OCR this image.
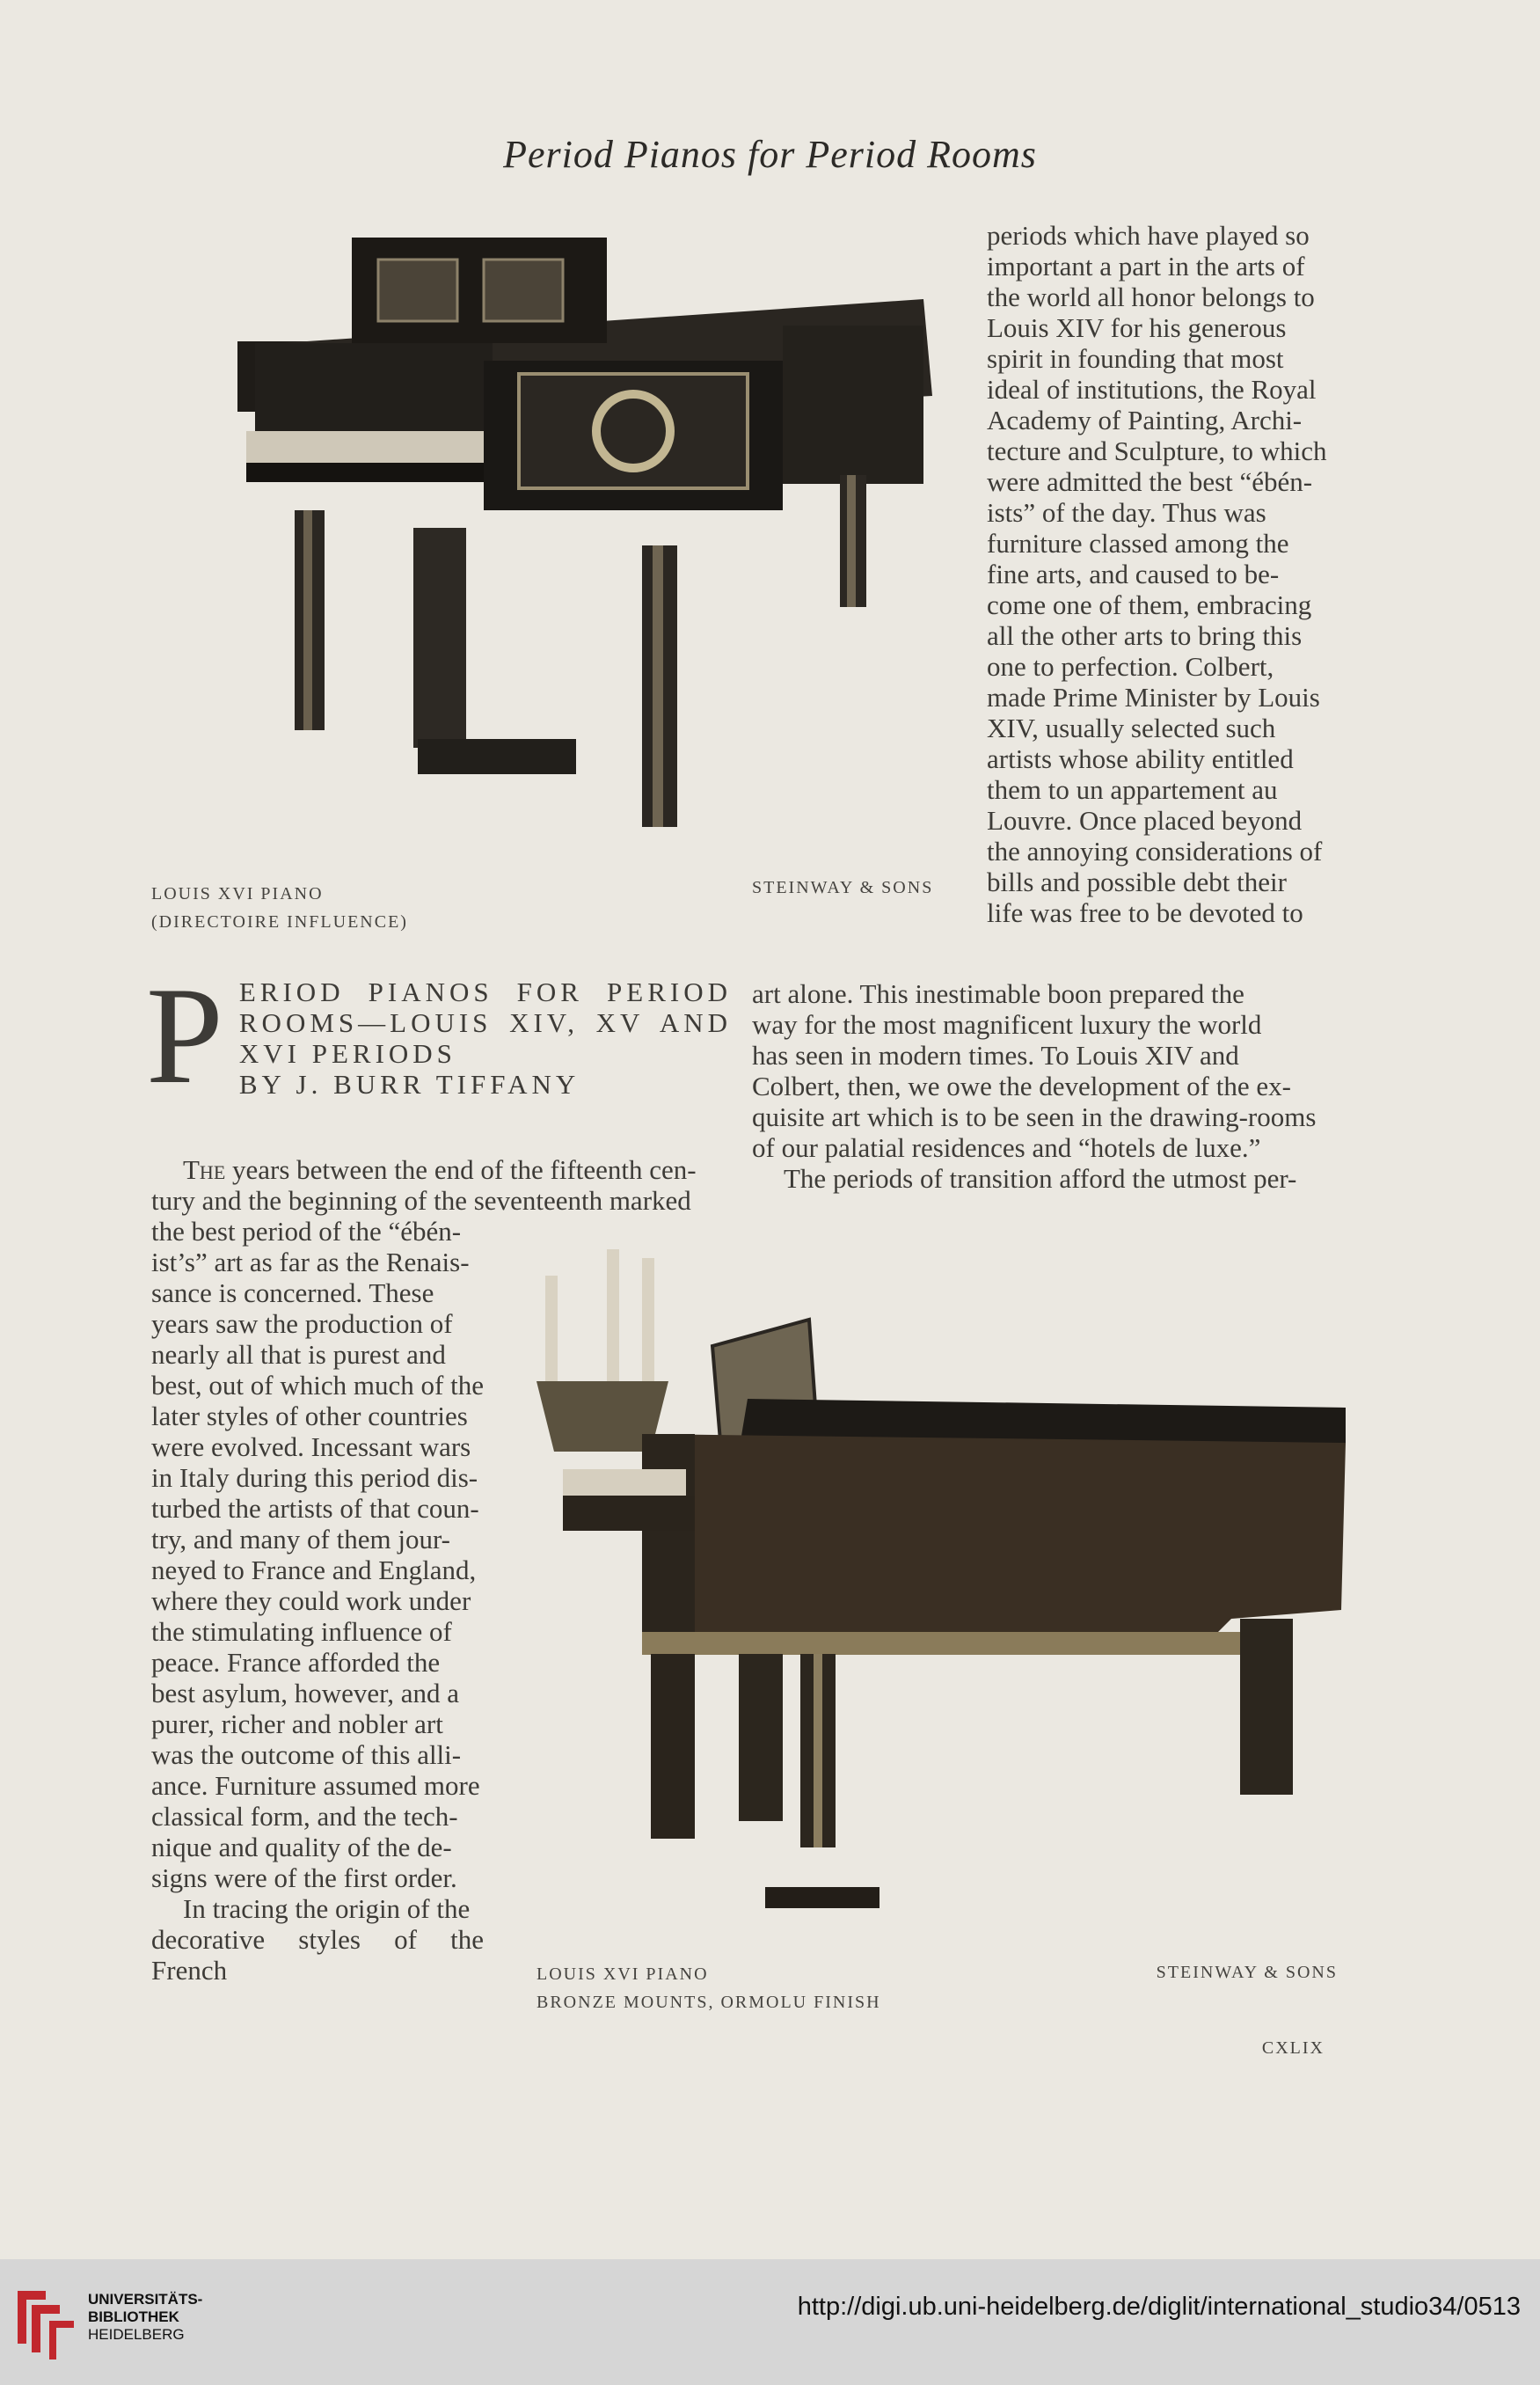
Period Pianos for Period Rooms
LOUIS XVI PIANO
(DIRECTOIRE INFLUENCE)
STEINWAY & SONS

periods which have played so

important a part in the arts of

the world all honor belongs to

Louis XIV for his generous

spirit in founding that most

ideal of institutions, the Royal

Academy of Painting, Archi-

tecture and Sculpture, to which

were admitted the best “ébén-

ists” of the day. Thus was

furniture classed among the

fine arts, and caused to be-

come one of them, embracing

all the other arts to bring this

one to perfection. Colbert,

made Prime Minister by Louis

XIV, usually selected such

artists whose ability entitled

them to un appartement au

Louvre. Once placed beyond

the annoying considerations of

bills and possible debt their

life was free to be devoted to

art alone. This inestimable boon prepared the

way for the most magnificent luxury the world

has seen in modern times. To Louis XIV and

Colbert, then, we owe the development of the ex-

quisite art which is to be seen in the drawing-rooms

of our palatial residences and “hotels de luxe.”

The periods of transition afford the utmost per-

P ERIOD PIANOS FOR PERIOD
ROOMS—LOUIS XIV, XV AND
XVI PERIODS
BY J. BURR TIFFANY

The years between the end of the fifteenth cen-

tury and the beginning of the seventeenth marked

the best period of the “ébén-

ist’s” art as far as the Renais-

sance is concerned. These

years saw the production of

nearly all that is purest and

best, out of which much of the

later styles of other countries

were evolved. Incessant wars

in Italy during this period dis-

turbed the artists of that coun-

try, and many of them jour-

neyed to France and England,

where they could work under

the stimulating influence of

peace. France afforded the

best asylum, however, and a

purer, richer and nobler art

was the outcome of this alli-

ance. Furniture assumed more

classical form, and the tech-

nique and quality of the de-

signs were of the first order.

In tracing the origin of the

decorative styles of the French	LOUIS XVI PIANO
BRONZE MOUNTS, ORMOLU FINISH
STEINWAY & SONS
CXLIX
UNIVERSITÄTS-
BIBLIOTHEK
HEIDELBERG
http://digi.ub.uni-heidelberg.de/diglit/international_studio34/0513
